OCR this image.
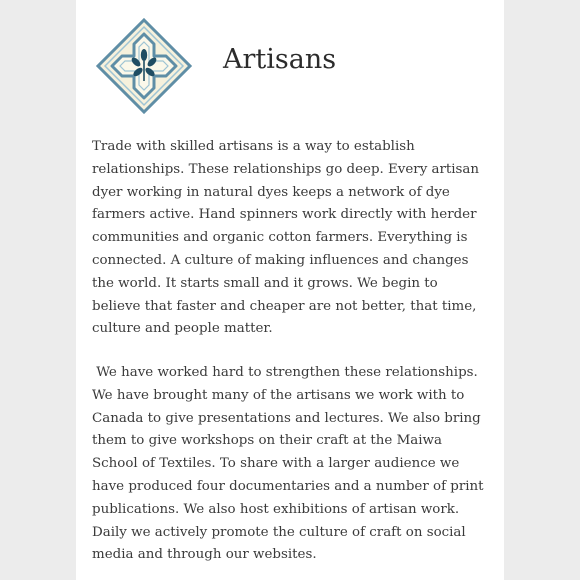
Artisans
Trade with skilled artisans is a way to establish
relationships. These relationships go deep. Every artisan
dyer working in natural dyes keeps a network of dye
farmers active. Hand spinners work directly with herder
communities and organic cotton farmers. Everything is
connected. A culture of making influences and changes
the world. It starts small and it grows. We begin to
believe that faster and cheaper are not better, that time,
culture and people matter.
We have worked hard to strengthen these relationships.
We have brought many of the artisans we work with to
Canada to give presentations and lectures. We also bring
them to give workshops on their craft at the Maiwa
School of Textiles. To share with a larger audience we
have produced four documentaries and a number of print
publications. We also host exhibitions of artisan work.
Daily we actively promote the culture of craft on social
media and through our websites.
